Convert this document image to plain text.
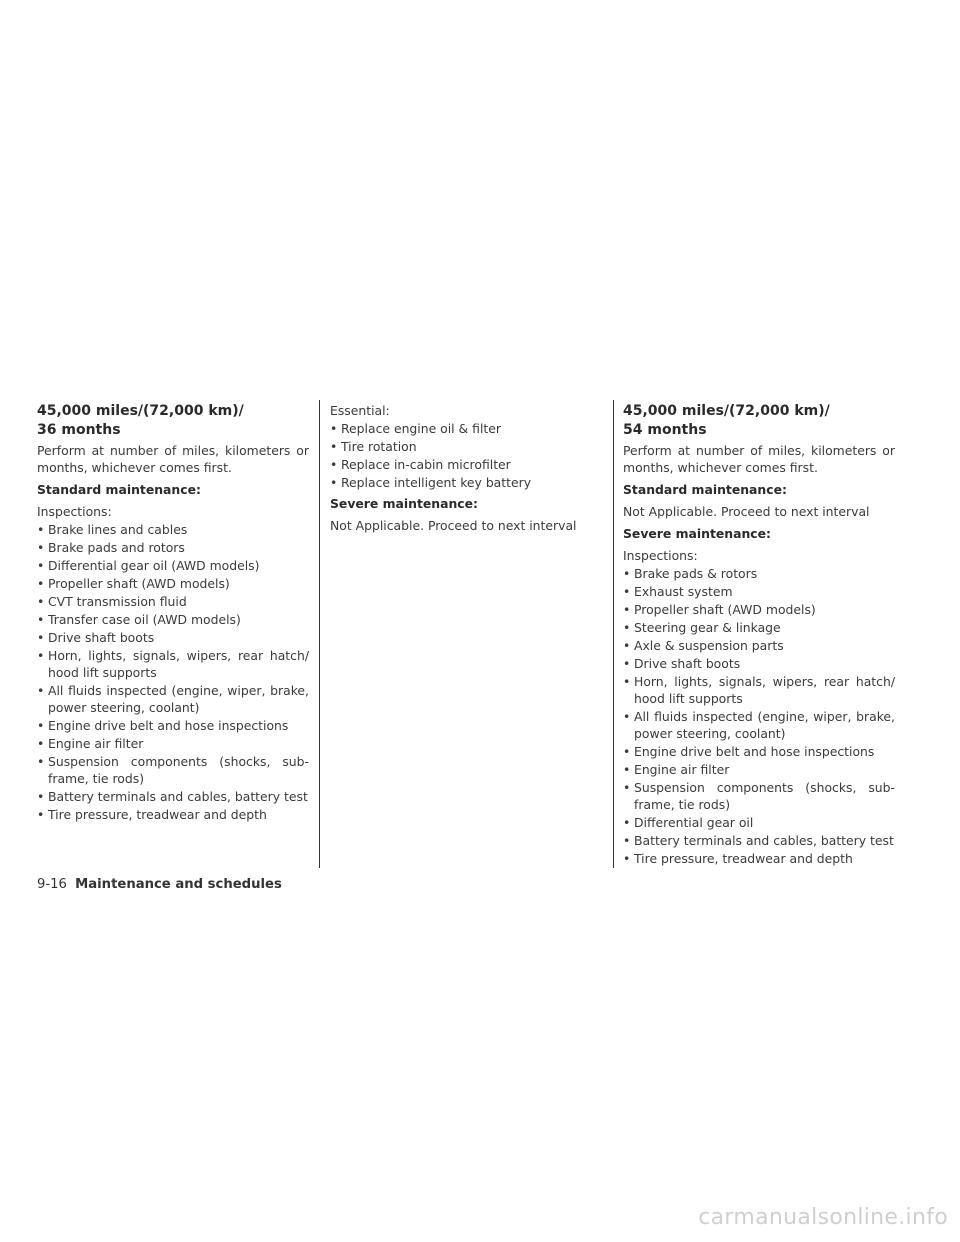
45,000 miles/(72,000 km)/
36 months

Perform at number of miles, kilometers or months, whichever comes first.

Standard maintenance:

Inspections:

• Brake lines and cables
• Brake pads and rotors
• Differential gear oil (AWD models)
• Propeller shaft (AWD models)
• CVT transmission fluid
• Transfer case oil (AWD models)
• Drive shaft boots
• Horn, lights, signals, wipers, rear hatch/ hood lift supports
• All fluids inspected (engine, wiper, brake, power steering, coolant)
• Engine drive belt and hose inspections
• Engine air filter
• Suspension components (shocks, sub- frame, tie rods)
• Battery terminals and cables, battery test
• Tire pressure, treadwear and depth

Essential:

• Replace engine oil & filter
• Tire rotation
• Replace in-cabin microfilter
• Replace intelligent key battery

Severe maintenance:

Not Applicable. Proceed to next interval

45,000 miles/(72,000 km)/
54 months

Perform at number of miles, kilometers or months, whichever comes first.

Standard maintenance:

Not Applicable. Proceed to next interval

Severe maintenance:

Inspections:

• Brake pads & rotors
• Exhaust system
• Propeller shaft (AWD models)
• Steering gear & linkage
• Axle & suspension parts
• Drive shaft boots
• Horn, lights, signals, wipers, rear hatch/ hood lift supports
• All fluids inspected (engine, wiper, brake, power steering, coolant)
• Engine drive belt and hose inspections
• Engine air filter
• Suspension components (shocks, sub- frame, tie rods)
• Differential gear oil
• Battery terminals and cables, battery test
• Tire pressure, treadwear and depth
9-16 Maintenance and schedules
carmanualsonline.info
